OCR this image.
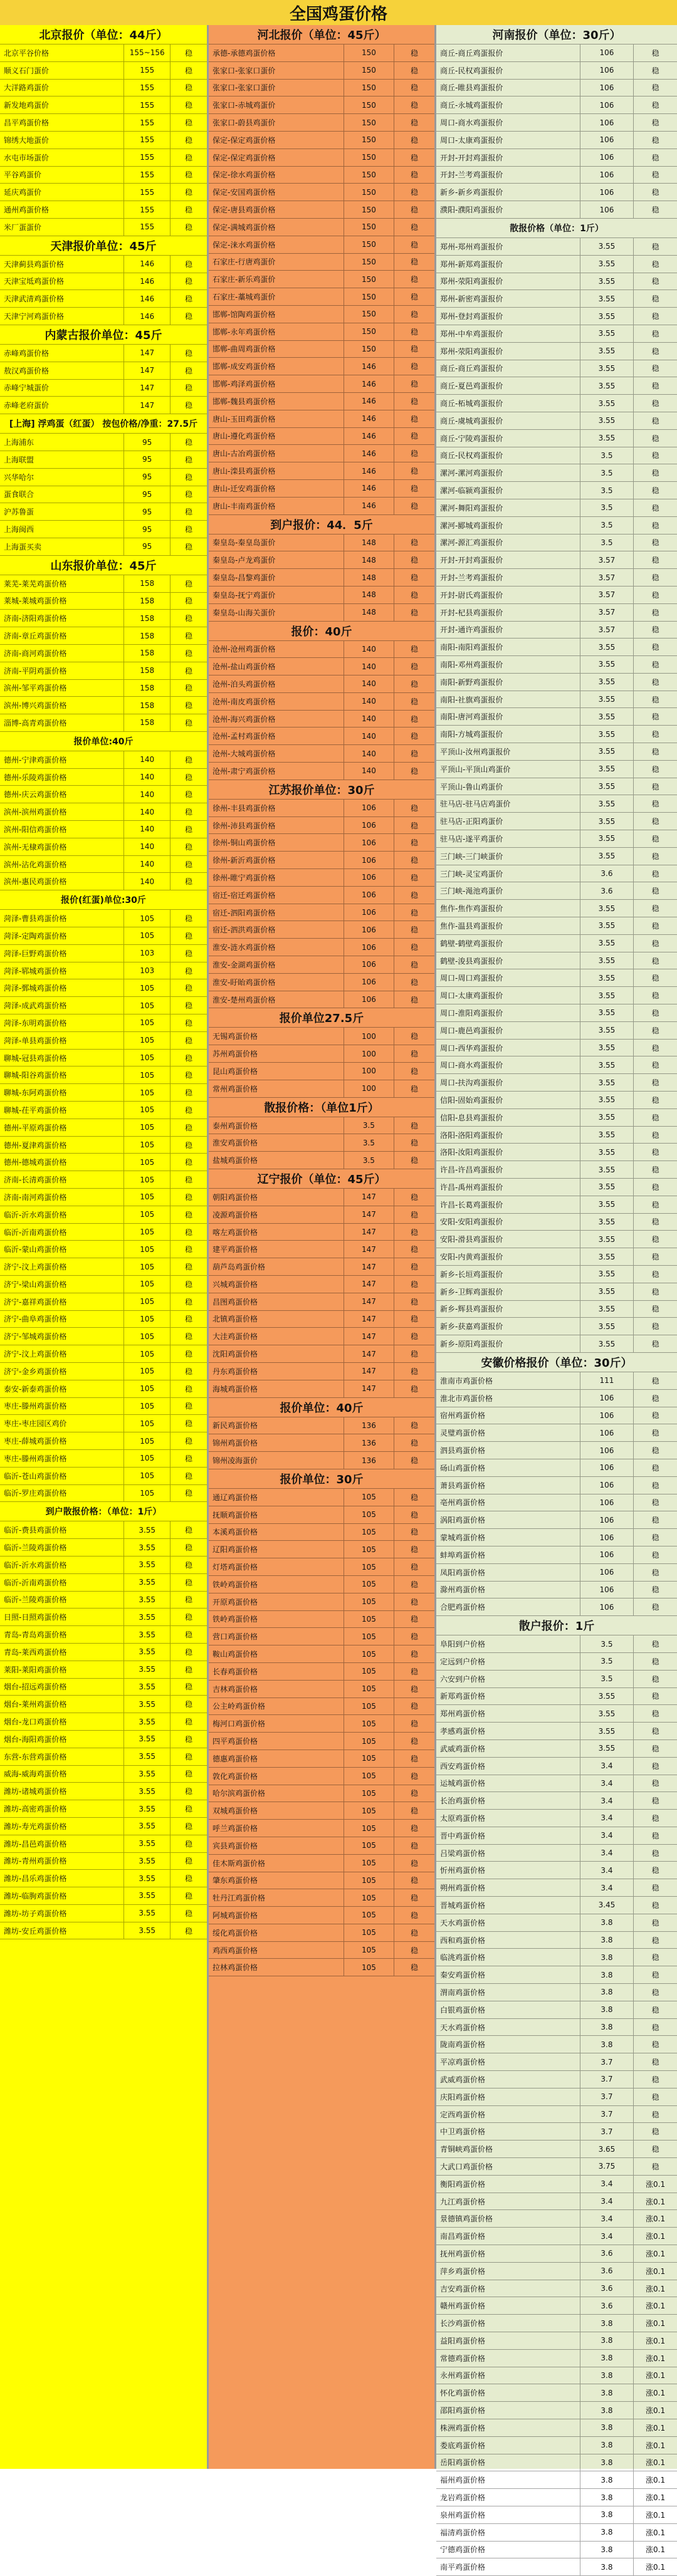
全国鸡蛋价格
北京报价（单位：44斤）
北京平谷价格	155~156	稳
顺义石门蛋价	155	稳
大洋路鸡蛋价	155	稳
新发地鸡蛋价	155	稳
昌平鸡蛋价格	155	稳
锦绣大地蛋价	155	稳
水屯市场蛋价	155	稳
平谷鸡蛋价	155	稳
延庆鸡蛋价	155	稳
通州鸡蛋价格	155	稳
米厂蛋蛋价	155	稳
天津报价单位：45斤
天津蓟县鸡蛋价格	146	稳
天津宝坻鸡蛋价格	146	稳
天津武清鸡蛋价格	146	稳
天津宁河鸡蛋价格	146	稳
内蒙古报价单位：45斤
赤峰鸡蛋价格	147	稳
敖汉鸡蛋价格	147	稳
赤峰宁城蛋价	147	稳
赤峰老府蛋价	147	稳
[上海] 浮鸡蛋（红蛋） 按包价格/净重：27.5斤
上海浦东	95	稳
上海联盟	95	稳
兴华哈尔	95	稳
蛋食联合	95	稳
沪苏鲁蛋	95	稳
上海闽西	95	稳
上海蛋买卖	95	稳
山东报价单位：45斤
莱芜-莱芜鸡蛋价格	158	稳
莱城-莱城鸡蛋价格	158	稳
济南-济阳鸡蛋价格	158	稳
济南-章丘鸡蛋价格	158	稳
济南-商河鸡蛋价格	158	稳
济南-平阴鸡蛋价格	158	稳
滨州-邹平鸡蛋价格	158	稳
滨州-博兴鸡蛋价格	158	稳
淄博-高青鸡蛋价格	158	稳
报价单位:40斤
德州-宁津鸡蛋价格	140	稳
德州-乐陵鸡蛋价格	140	稳
德州-庆云鸡蛋价格	140	稳
滨州-滨州鸡蛋价格	140	稳
滨州-阳信鸡蛋价格	140	稳
滨州-无棣鸡蛋价格	140	稳
滨州-沾化鸡蛋价格	140	稳
滨州-惠民鸡蛋价格	140	稳
报价(红蛋)单位:30斤
菏泽-曹县鸡蛋价格	105	稳
菏泽-定陶鸡蛋价格	105	稳
菏泽-巨野鸡蛋价格	103	稳
菏泽-郓城鸡蛋价格	103	稳
菏泽-鄄城鸡蛋价格	105	稳
菏泽-成武鸡蛋价格	105	稳
菏泽-东明鸡蛋价格	105	稳
菏泽-单县鸡蛋价格	105	稳
聊城-冠县鸡蛋价格	105	稳
聊城-阳谷鸡蛋价格	105	稳
聊城-东阿鸡蛋价格	105	稳
聊城-茌平鸡蛋价格	105	稳
德州-平原鸡蛋价格	105	稳
德州-夏津鸡蛋价格	105	稳
德州-德城鸡蛋价格	105	稳
济南-长清鸡蛋价格	105	稳
济南-南河鸡蛋价格	105	稳
临沂-沂水鸡蛋价格	105	稳
临沂-沂南鸡蛋价格	105	稳
临沂-蒙山鸡蛋价格	105	稳
济宁-汶上鸡蛋价格	105	稳
济宁-梁山鸡蛋价格	105	稳
济宁-嘉祥鸡蛋价格	105	稳
济宁-曲阜鸡蛋价格	105	稳
济宁-邹城鸡蛋价格	105	稳
济宁-汶上鸡蛋价格	105	稳
济宁-金乡鸡蛋价格	105	稳
泰安-新泰鸡蛋价格	105	稳
枣庄-滕州鸡蛋价格	105	稳
枣庄-枣庄园区鸡价	105	稳
枣庄-薛城鸡蛋价格	105	稳
枣庄-滕州鸡蛋价格	105	稳
临沂-苍山鸡蛋价格	105	稳
临沂-罗庄鸡蛋价格	105	稳
到户散报价格：（单位：1斤）
临沂-费县鸡蛋价格	3.55	稳
临沂-兰陵鸡蛋价格	3.55	稳
临沂-沂水鸡蛋价格	3.55	稳
临沂-沂南鸡蛋价格	3.55	稳
临沂-兰陵鸡蛋价格	3.55	稳
日照-日照鸡蛋价格	3.55	稳
青岛-青岛鸡蛋价格	3.55	稳
青岛-莱西鸡蛋价格	3.55	稳
莱阳-莱阳鸡蛋价格	3.55	稳
烟台-招远鸡蛋价格	3.55	稳
烟台-莱州鸡蛋价格	3.55	稳
烟台-龙口鸡蛋价格	3.55	稳
烟台-海阳鸡蛋价格	3.55	稳
东营-东营鸡蛋价格	3.55	稳
威海-威海鸡蛋价格	3.55	稳
潍坊-诸城鸡蛋价格	3.55	稳
潍坊-高密鸡蛋价格	3.55	稳
潍坊-寿光鸡蛋价格	3.55	稳
潍坊-昌邑鸡蛋价格	3.55	稳
潍坊-青州鸡蛋价格	3.55	稳
潍坊-昌乐鸡蛋价格	3.55	稳
潍坊-临朐鸡蛋价格	3.55	稳
潍坊-坊子鸡蛋价格	3.55	稳
潍坊-安丘鸡蛋价格	3.55	稳
河北报价（单位：45斤）
承德-承德鸡蛋价格	150	稳
张家口-张家口蛋价	150	稳
张家口-张家口蛋价	150	稳
张家口-赤城鸡蛋价	150	稳
张家口-蔚县鸡蛋价	150	稳
保定-保定鸡蛋价格	150	稳
保定-保定鸡蛋价格	150	稳
保定-徐水鸡蛋价格	150	稳
保定-安国鸡蛋价格	150	稳
保定-唐县鸡蛋价格	150	稳
保定-满城鸡蛋价格	150	稳
保定-涞水鸡蛋价格	150	稳
石家庄-行唐鸡蛋价	150	稳
石家庄-新乐鸡蛋价	150	稳
石家庄-藁城鸡蛋价	150	稳
邯郸-馆陶鸡蛋价格	150	稳
邯郸-永年鸡蛋价格	150	稳
邯郸-曲周鸡蛋价格	150	稳
邯郸-成安鸡蛋价格	146	稳
邯郸-鸡泽鸡蛋价格	146	稳
邯郸-魏县鸡蛋价格	146	稳
唐山-玉田鸡蛋价格	146	稳
唐山-遵化鸡蛋价格	146	稳
唐山-古冶鸡蛋价格	146	稳
唐山-滦县鸡蛋价格	146	稳
唐山-迁安鸡蛋价格	146	稳
唐山-丰南鸡蛋价格	146	稳
到户报价：44．5斤
秦皇岛-秦皇岛蛋价	148	稳
秦皇岛-卢龙鸡蛋价	148	稳
秦皇岛-昌黎鸡蛋价	148	稳
秦皇岛-抚宁鸡蛋价	148	稳
秦皇岛-山海关蛋价	148	稳
报价：40斤
沧州-沧州鸡蛋价格	140	稳
沧州-盐山鸡蛋价格	140	稳
沧州-泊头鸡蛋价格	140	稳
沧州-南皮鸡蛋价格	140	稳
沧州-海兴鸡蛋价格	140	稳
沧州-孟村鸡蛋价格	140	稳
沧州-大城鸡蛋价格	140	稳
沧州-肃宁鸡蛋价格	140	稳
江苏报价单位：30斤
徐州-丰县鸡蛋价格	106	稳
徐州-沛县鸡蛋价格	106	稳
徐州-铜山鸡蛋价格	106	稳
徐州-新沂鸡蛋价格	106	稳
徐州-睢宁鸡蛋价格	106	稳
宿迁-宿迁鸡蛋价格	106	稳
宿迁-泗阳鸡蛋价格	106	稳
宿迁-泗洪鸡蛋价格	106	稳
淮安-涟水鸡蛋价格	106	稳
淮安-金湖鸡蛋价格	106	稳
淮安-盱眙鸡蛋价格	106	稳
淮安-楚州鸡蛋价格	106	稳
报价单位27.5斤
无锡鸡蛋价格	100	稳
苏州鸡蛋价格	100	稳
昆山鸡蛋价格	100	稳
常州鸡蛋价格	100	稳
散报价格：（单位1斤）
泰州鸡蛋价格	3.5	稳
淮安鸡蛋价格	3.5	稳
盐城鸡蛋价格	3.5	稳
辽宁报价（单位：45斤）
朝阳鸡蛋价格	147	稳
凌源鸡蛋价格	147	稳
喀左鸡蛋价格	147	稳
建平鸡蛋价格	147	稳
葫芦岛鸡蛋价格	147	稳
兴城鸡蛋价格	147	稳
昌图鸡蛋价格	147	稳
北镇鸡蛋价格	147	稳
大洼鸡蛋价格	147	稳
沈阳鸡蛋价格	147	稳
丹东鸡蛋价格	147	稳
海城鸡蛋价格	147	稳
报价单位：40斤
新民鸡蛋价格	136	稳
锦州鸡蛋价格	136	稳
锦州凌海蛋价	136	稳
报价单位：30斤
通辽鸡蛋价格	105	稳
抚顺鸡蛋价格	105	稳
本溪鸡蛋价格	105	稳
辽阳鸡蛋价格	105	稳
灯塔鸡蛋价格	105	稳
铁岭鸡蛋价格	105	稳
开原鸡蛋价格	105	稳
铁岭鸡蛋价格	105	稳
营口鸡蛋价格	105	稳
鞍山鸡蛋价格	105	稳
长春鸡蛋价格	105	稳
吉林鸡蛋价格	105	稳
公主岭鸡蛋价格	105	稳
梅河口鸡蛋价格	105	稳
四平鸡蛋价格	105	稳
德惠鸡蛋价格	105	稳
敦化鸡蛋价格	105	稳
哈尔滨鸡蛋价格	105	稳
双城鸡蛋价格	105	稳
呼兰鸡蛋价格	105	稳
宾县鸡蛋价格	105	稳
佳木斯鸡蛋价格	105	稳
肇东鸡蛋价格	105	稳
牡丹江鸡蛋价格	105	稳
阿城鸡蛋价格	105	稳
绥化鸡蛋价格	105	稳
鸡西鸡蛋价格	105	稳
拉林鸡蛋价格	105	稳
河南报价（单位：30斤）
商丘-商丘鸡蛋报价	106	稳
商丘-民权鸡蛋报价	106	稳
商丘-睢县鸡蛋报价	106	稳
商丘-永城鸡蛋报价	106	稳
周口-商水鸡蛋报价	106	稳
周口-太康鸡蛋报价	106	稳
开封-开封鸡蛋报价	106	稳
开封-兰考鸡蛋报价	106	稳
新乡-新乡鸡蛋报价	106	稳
濮阳-濮阳鸡蛋报价	106	稳
散报价格（单位：1斤）
郑州-郑州鸡蛋报价	3.55	稳
郑州-新郑鸡蛋报价	3.55	稳
郑州-荥阳鸡蛋报价	3.55	稳
郑州-新密鸡蛋报价	3.55	稳
郑州-登封鸡蛋报价	3.55	稳
郑州-中牟鸡蛋报价	3.55	稳
郑州-荥阳鸡蛋报价	3.55	稳
商丘-商丘鸡蛋报价	3.55	稳
商丘-夏邑鸡蛋报价	3.55	稳
商丘-柘城鸡蛋报价	3.55	稳
商丘-虞城鸡蛋报价	3.55	稳
商丘-宁陵鸡蛋报价	3.55	稳
商丘-民权鸡蛋报价	3.5	稳
漯河-漯河鸡蛋报价	3.5	稳
漯河-临颍鸡蛋报价	3.5	稳
漯河-舞阳鸡蛋报价	3.5	稳
漯河-郾城鸡蛋报价	3.5	稳
漯河-源汇鸡蛋报价	3.5	稳
开封-开封鸡蛋报价	3.57	稳
开封-兰考鸡蛋报价	3.57	稳
开封-尉氏鸡蛋报价	3.57	稳
开封-杞县鸡蛋报价	3.57	稳
开封-通许鸡蛋报价	3.57	稳
南阳-南阳鸡蛋报价	3.55	稳
南阳-邓州鸡蛋报价	3.55	稳
南阳-新野鸡蛋报价	3.55	稳
南阳-社旗鸡蛋报价	3.55	稳
南阳-唐河鸡蛋报价	3.55	稳
南阳-方城鸡蛋报价	3.55	稳
平顶山-汝州鸡蛋报价	3.55	稳
平顶山-平顶山鸡蛋价	3.55	稳
平顶山-鲁山鸡蛋价	3.55	稳
驻马店-驻马店鸡蛋价	3.55	稳
驻马店-正阳鸡蛋价	3.55	稳
驻马店-遂平鸡蛋价	3.55	稳
三门峡-三门峡蛋价	3.55	稳
三门峡-灵宝鸡蛋价	3.6	稳
三门峡-渑池鸡蛋价	3.6	稳
焦作-焦作鸡蛋报价	3.55	稳
焦作-温县鸡蛋报价	3.55	稳
鹤壁-鹤壁鸡蛋报价	3.55	稳
鹤壁-浚县鸡蛋报价	3.55	稳
周口-周口鸡蛋报价	3.55	稳
周口-太康鸡蛋报价	3.55	稳
周口-淮阳鸡蛋报价	3.55	稳
周口-鹿邑鸡蛋报价	3.55	稳
周口-西华鸡蛋报价	3.55	稳
周口-商水鸡蛋报价	3.55	稳
周口-扶沟鸡蛋报价	3.55	稳
信阳-固始鸡蛋报价	3.55	稳
信阳-息县鸡蛋报价	3.55	稳
洛阳-洛阳鸡蛋报价	3.55	稳
洛阳-汝阳鸡蛋报价	3.55	稳
许昌-许昌鸡蛋报价	3.55	稳
许昌-禹州鸡蛋报价	3.55	稳
许昌-长葛鸡蛋报价	3.55	稳
安阳-安阳鸡蛋报价	3.55	稳
安阳-滑县鸡蛋报价	3.55	稳
安阳-内黄鸡蛋报价	3.55	稳
新乡-长垣鸡蛋报价	3.55	稳
新乡-卫辉鸡蛋报价	3.55	稳
新乡-辉县鸡蛋报价	3.55	稳
新乡-获嘉鸡蛋报价	3.55	稳
新乡-原阳鸡蛋报价	3.55	稳
安徽价格报价（单位：30斤）
淮南市鸡蛋价格	111	稳
淮北市鸡蛋价格	106	稳
宿州鸡蛋价格	106	稳
灵璧鸡蛋价格	106	稳
泗县鸡蛋价格	106	稳
砀山鸡蛋价格	106	稳
萧县鸡蛋价格	106	稳
亳州鸡蛋价格	106	稳
涡阳鸡蛋价格	106	稳
蒙城鸡蛋价格	106	稳
蚌埠鸡蛋价格	106	稳
凤阳鸡蛋价格	106	稳
滁州鸡蛋价格	106	稳
合肥鸡蛋价格	106	稳
散户报价：1斤
阜阳到户价格	3.5	稳
定远到户价格	3.5	稳
六安到户价格	3.5	稳
新郑鸡蛋价格	3.55	稳
郑州鸡蛋价格	3.55	稳
孝感鸡蛋价格	3.55	稳
武威鸡蛋价格	3.55	稳
西安鸡蛋价格	3.4	稳
运城鸡蛋价格	3.4	稳
长治鸡蛋价格	3.4	稳
太原鸡蛋价格	3.4	稳
晋中鸡蛋价格	3.4	稳
吕梁鸡蛋价格	3.4	稳
忻州鸡蛋价格	3.4	稳
朔州鸡蛋价格	3.4	稳
晋城鸡蛋价格	3.45	稳
天水鸡蛋价格	3.8	稳
西和鸡蛋价格	3.8	稳
临洮鸡蛋价格	3.8	稳
秦安鸡蛋价格	3.8	稳
渭南鸡蛋价格	3.8	稳
白银鸡蛋价格	3.8	稳
天水鸡蛋价格	3.8	稳
陇南鸡蛋价格	3.8	稳
平凉鸡蛋价格	3.7	稳
武威鸡蛋价格	3.7	稳
庆阳鸡蛋价格	3.7	稳
定西鸡蛋价格	3.7	稳
中卫鸡蛋价格	3.7	稳
青铜峡鸡蛋价格	3.65	稳
大武口鸡蛋价格	3.75	稳
衡阳鸡蛋价格	3.4	涨0.1
九江鸡蛋价格	3.4	涨0.1
景德镇鸡蛋价格	3.4	涨0.1
南昌鸡蛋价格	3.4	涨0.1
抚州鸡蛋价格	3.6	涨0.1
萍乡鸡蛋价格	3.6	涨0.1
吉安鸡蛋价格	3.6	涨0.1
赣州鸡蛋价格	3.6	涨0.1
长沙鸡蛋价格	3.8	涨0.1
益阳鸡蛋价格	3.8	涨0.1
常德鸡蛋价格	3.8	涨0.1
永州鸡蛋价格	3.8	涨0.1
怀化鸡蛋价格	3.8	涨0.1
邵阳鸡蛋价格	3.8	涨0.1
株洲鸡蛋价格	3.8	涨0.1
娄底鸡蛋价格	3.8	涨0.1
岳阳鸡蛋价格	3.8	涨0.1
福州鸡蛋价格	3.8	涨0.1
龙岩鸡蛋价格	3.8	涨0.1
泉州鸡蛋价格	3.8	涨0.1
福清鸡蛋价格	3.8	涨0.1
宁德鸡蛋价格	3.8	涨0.1
南平鸡蛋价格	3.8	涨0.1
